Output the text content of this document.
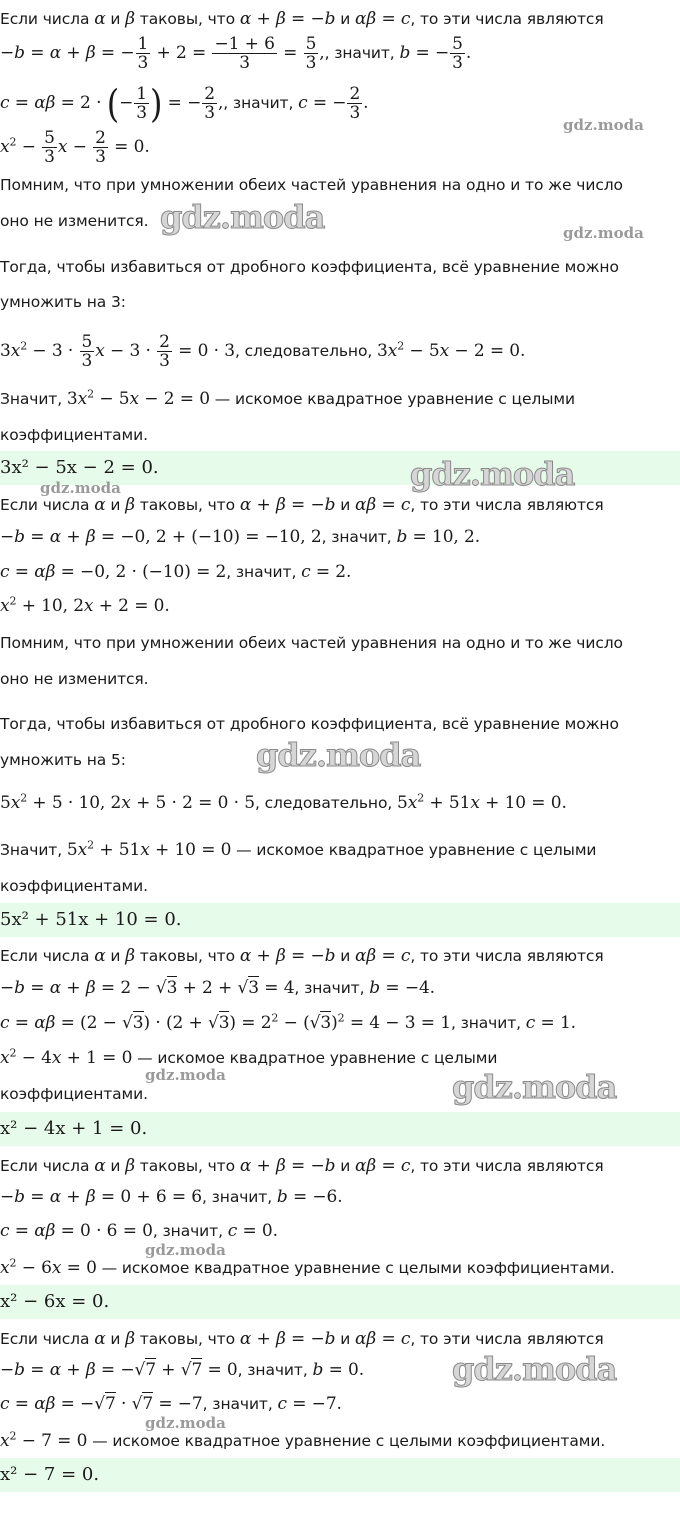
Если числа α и β таковы, что α + β = −b и αβ = c, то эти числа являются
−b = α + β = − $\frac{1}{3} + 2 = \frac{-1 + 6}{3} = \frac{5}{3}$ ,, значит, b = − $\frac{5}{3}$ .
c = αβ = 2 · (− $\frac{1}{3}$ ) = − $\frac{2}{3}$ ,, значит, c = − $\frac{2}{3}$ .
$x^2 - \frac{5}{3}$ $x - \frac{2}{3} = 0$.
Помним, что при умножении обеих частей уравнения на одно и то же число
оно не изменится.
Тогда, чтобы избавиться от дробного коэффициента, всё уравнение можно
умножить на 3:
$3x^2 - 3 \cdot \frac{5}{3}$ $x - 3 \cdot \frac{2}{3} = 0 \cdot 3$, следовательно, $3x^2 - 5x - 2 = 0$.
Значит, $3x^2 - 5x - 2 = 0$ — искомое квадратное уравнение с целыми
коэффициентами.
3x² − 5x − 2 = 0.
Если числа α и β таковы, что α + β = −b и αβ = c, то эти числа являются
−b = α + β = −0, 2 + (−10) = −10, 2, значит, b = 10, 2.
c = αβ = −0, 2 · (−10) = 2, значит, c = 2.
$x^2 + 10$, 2x + 2 = 0.
Помним, что при умножении обеих частей уравнения на одно и то же число
оно не изменится.
Тогда, чтобы избавиться от дробного коэффициента, всё уравнение можно
умножить на 5:
$5x^2 + 5 \cdot 10$, 2x + 5 · 2 = 0 · 5, следовательно, $5x^2 + 51x + 10 = 0$.
Значит, $5x^2 + 51x + 10 = 0$ — искомое квадратное уравнение с целыми
коэффициентами.
5x² + 51x + 10 = 0.
Если числа α и β таковы, что α + β = −b и αβ = c, то эти числа являются
−b = α + β = 2 − √3 + 2 + √3 = 4, значит, b = −4.
$c = \alpha\beta = (2 - √3) \cdot (2 + √3) = 2^2 - (√3)^2 = 4 - 3 = 1$, значит, c = 1.
$x^2 - 4x + 1 = 0$ — искомое квадратное уравнение с целыми
коэффициентами.
x² − 4x + 1 = 0.
Если числа α и β таковы, что α + β = −b и αβ = c, то эти числа являются
−b = α + β = 0 + 6 = 6, значит, b = −6.
c = αβ = 0 · 6 = 0, значит, c = 0.
$x^2 - 6x = 0$ — искомое квадратное уравнение с целыми коэффициентами.
x² − 6x = 0.
Если числа α и β таковы, что α + β = −b и αβ = c, то эти числа являются
−b = α + β = −√7 + √7 = 0, значит, b = 0.
c = αβ = −√7 · √7 = −7, значит, c = −7.
$x^2 - 7 = 0$ — искомое квадратное уравнение с целыми коэффициентами.
x² − 7 = 0.
gdz.moda
gdz.moda	gdz.moda
gdz.moda
gdz.moda
gdz.moda
gdz.moda	gdz.moda
gdz.moda
gdz.moda
gdz.moda
